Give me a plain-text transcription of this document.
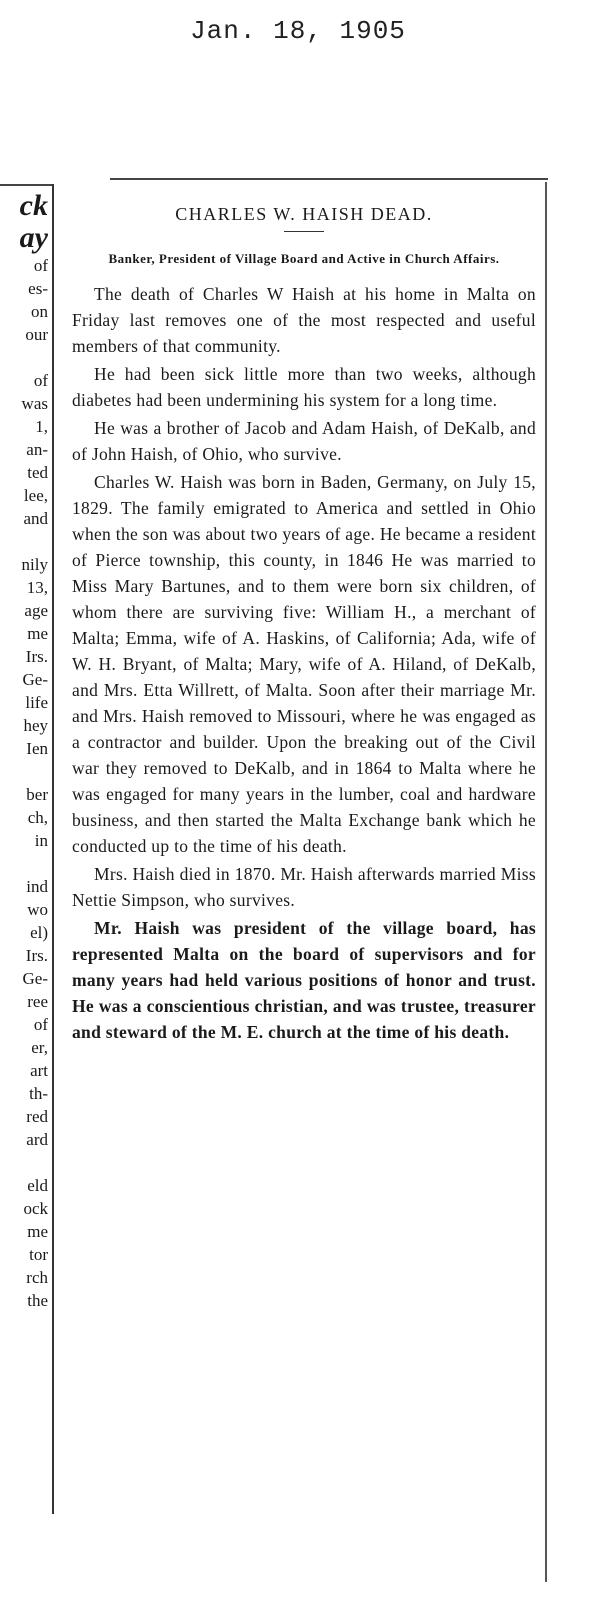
Jan. 18, 1905

ck

ay

of

es-

on

our

of

was

1,

an-

ted

lee,

and

nily

13,

age

me

Irs.

Ge-

life

hey

Ien

ber

ch,

in

ind

wo

el)

Irs.

Ge-

ree

of

er,

art

th-

red

ard

eld

ock

me

tor

rch

the

CHARLES W. HAISH DEAD.
Banker, President of Village Board and Active in Church Affairs.

The death of Charles W Haish at his home in Malta on Friday last removes one of the most respected and useful members of that community.

He had been sick little more than two weeks, although diabetes had been undermining his system for a long time.

He was a brother of Jacob and Adam Haish, of DeKalb, and of John Haish, of Ohio, who survive.

Charles W. Haish was born in Baden, Germany, on July 15, 1829. The family emigrated to America and settled in Ohio when the son was about two years of age. He became a resident of Pierce township, this county, in 1846 He was married to Miss Mary Bartunes, and to them were born six children, of whom there are surviving five: William H., a merchant of Malta; Emma, wife of A. Haskins, of California; Ada, wife of W. H. Bryant, of Malta; Mary, wife of A. Hiland, of DeKalb, and Mrs. Etta Willrett, of Malta. Soon after their marriage Mr. and Mrs. Haish removed to Missouri, where he was engaged as a contractor and builder. Upon the breaking out of the Civil war they removed to DeKalb, and in 1864 to Malta where he was engaged for many years in the lumber, coal and hardware business, and then started the Malta Exchange bank which he conducted up to the time of his death.

Mrs. Haish died in 1870. Mr. Haish afterwards married Miss Nettie Simpson, who survives.

Mr. Haish was president of the village board, has represented Malta on the board of supervisors and for many years had held various positions of honor and trust. He was a conscientious christian, and was trustee, treasurer and steward of the M. E. church at the time of his death.
